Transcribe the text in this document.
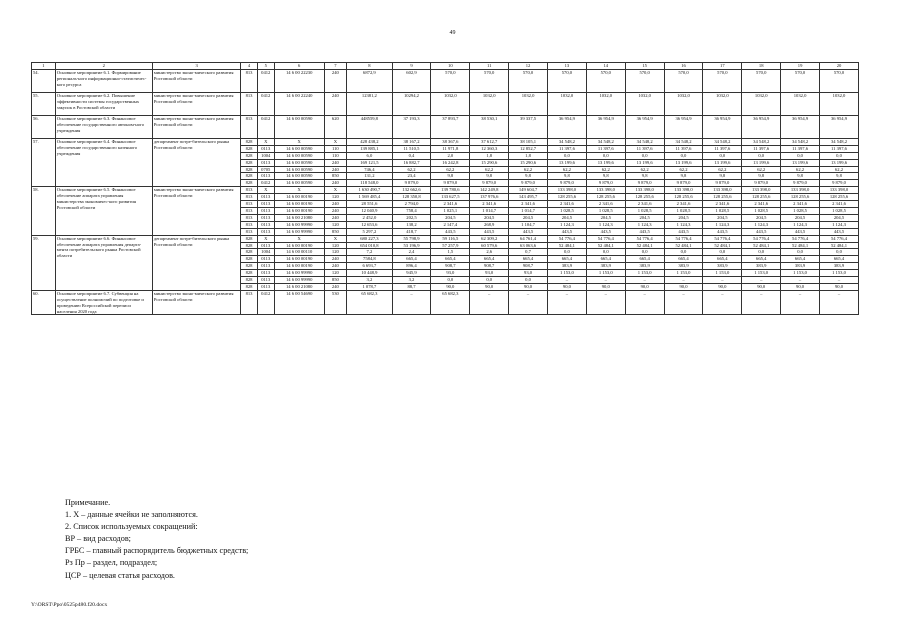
49
1	2	3	4	5	6	7	8	9	10	11	12	13	14	15	16	17	18	19	20
54.	Основное мероприятие 6.1. Формирование региональ-ного информационно-статистичес-кого ресурса	министерство эконо-мического развития Ростовской области	813	0412	14 6 00 22230	240	6872,9	602,9	570,0	570,0	570,0	570,0	570,0	570,0	570,0	570,0	570,0	570,0	570,0
55.	Основное мероприятие 6.2. Повышение эффективности системы государственных закупок в Ростовской области	министерство эконо-мического развития Ростовской области	813	0412	14 6 00 22240	240	12381,2	10294,2	1032,0	1032,0	1032,0	1032,0	1032,0	1032,0	1032,0	1032,0	1032,0	1032,0	1032,0
56.	Основное мероприятие 6.3. Финансовое обеспечение государственного автоном-ного учреждения	министерство эконо-мического развития Ростовской области	813	0412	14 6 00 00590	620	448559,8	37 193,3	37 893,7	38 530,1	39 337,5	36 954,9	36 954,9	36 954,9	36 954,9	36 954,9	36 954,9	36 954,9	36 954,9
57.	Основное мероприятие 6.4. Финансовое обеспечение государственного казенного учреждения	департамент потре-бительского рынка Ростовской области	828	X	X	X	428 438,2	38 167,2	38 367,6	37 612,7	38 105,1	34 548,2	34 548,2	34 548,2	34 548,2	34 548,2	34 548,2	34 548,2	34 548,2
			828	0113	14 6 00 00590	110	139 885,1	11 510,5	11 971,8	12 360,3	12 852,7	11 397,6	11 397,6	11 397,6	11 397,6	11 397,6	11 397,6	11 397,6	11 397,6
			828	1004	14 6 00 00590	110	6,0	0,4	2,0	1,8	1,8	0,0	0,0	0,0	0,0	0,0	0,0	0,0	0,0
			828	0113	14 6 00 00590	240	169 121,5	16 882,7	16 242,8	15 290,6	15 290,6	13 199,6	13 199,6	13 199,6	13 199,6	13 199,6	13 199,6	13 199,6	13 199,6
			828	0705	14 6 00 00590	240	746,4	62,2	62,2	62,2	62,2	62,2	62,2	62,2	62,2	62,2	62,2	62,2	62,2
			828	0113	14 6 00 00590	850	131,2	23,4	9,8	9,8	9,8	9,8	9,8	9,8	9,8	9,8	9,8	9,8	9,8
			828	0412	14 6 00 00590	240	118 548,0	9 879,0	9 879,0	9 879,0	9 879,0	9 879,0	9 879,0	9 879,0	9 879,0	9 879,0	9 879,0	9 879,0	9 879,0
58.	Основное мероприятие 6.5. Финансовое обеспечение аппарата управления министерства экономичес-кого развития Ростовской области	министерство эконо-мического развития Ростовской области	813	X	X	X	1 630 490,7	132 662,6	139 780,6	142 249,8	149 604,7	133 398,0	133 398,0	133 398,0	133 398,0	133 398,0	133 398,0	133 398,0	133 398,0
			813	0113	14 6 00 00190	120	1 569 485,4	128 350,8	133 627,5	137 976,6	143 495,7	128 255,6	128 255,6	128 255,6	128 255,6	128 255,6	128 255,6	128 255,6	128 255,6
			813	0113	14 6 00 00190	240	28 551,6	2 794,0	2 341,6	2 341,6	2 341,6	2 341,6	2 341,6	2 341,6	2 341,6	2 341,6	2 341,6	2 341,6	2 341,6
			813	0113	14 6 00 00190	240	12 040,9	758,4	1 025,1	1 014,7	1 014,7	1 028,5	1 028,5	1 028,5	1 028,5	1 028,5	1 028,5	1 028,5	1 028,5
			813	0113	14 6 00 21080	240	2 452,0	202,5	204,5	204,5	204,5	204,5	204,5	204,5	204,5	204,5	204,5	204,5	204,5
			813	0113	14 6 00 99990	120	12 653,6	138,2	2 147,4	268,9	1 104,7	1 124,3	1 124,3	1 124,3	1 124,3	1 124,3	1 124,3	1 124,3	1 124,3
			813	0113	14 6 00 99990	850	5 297,2	418,7	443,5	443,5	443,5	443,5	443,5	443,5	443,5	443,5	443,5	443,5	443,5
59.	Основное мероприятие 6.6. Финансовое обеспечение аппарата управления департа-мента потребительского рынка Ростовской области	департамент потре-бительского рынка Ростовской области	828	X	X	X	680 227,3	55 798,9	59 116,5	62 309,2	64 761,4	54 776,4	54 776,4	54 776,4	54 776,4	54 776,4	54 776,4	54 776,4	54 776,4
			828	0113	14 6 00 00190	120	654 010,8	53 196,9	57 257,9	60 579,6	63 063,6	52 484,1	52 484,1	52 484,1	52 484,1	52 484,1	52 484,1	52 484,1	52 484,1
			828	1004	14 6 00 00110	120	7,2	2,4	1,5	2,6	0,7	0,0	0,0	0,0	0,0	0,0	0,0	0,0	0,0
			828	0113	14 6 00 00190	240	7584,8	665,4	665,4	665,4	665,4	665,4	665,4	665,4	665,4	665,4	665,4	665,4	665,4
			828	0113	14 6 00 00190	240	6 693,7	896,4	908,7	908,7	908,7	383,9	383,9	383,9	383,9	383,9	383,9	383,9	383,9
			828	0113	14 6 00 99990	120	10 448,9	945,9	93,0	93,0	93,0	1 153,0	1 153,0	1 153,0	1 153,0	1 153,0	1 153,0	1 153,0	1 153,0
			828	0113	14 6 00 99990	850	3,2	3,2	0,0	0,0	0,0	–	–	–	–	–	–	–	–
			828	0113	14 6 00 21080	240	1 078,7	88,7	90,0	90,0	90,0	90,0	90,0	90,0	90,0	90,0	90,0	90,0	90,0
60.	Основное мероприятие 6.7. Субвенция на осуществление полномочий по подготовке и проведению Всероссийской переписи населения 2020 года	министерство эконо-мического развития Ростовской области	813	0412	14 6 00 54690	530	65 682,3	–	65 682,3	–	–	–	–	–	–	–	–	–	–
Примечание.
1. Х – данные ячейки не заполняются.
2. Список используемых сокращений:
ВР – вид расходов;
ГРБС – главный распорядитель бюджетных средств;
Рз Пр – раздел, подраздел;
ЦСР – целевая статья расходов.
Y:\ORST\Ppo\0525p480.f20.docx
